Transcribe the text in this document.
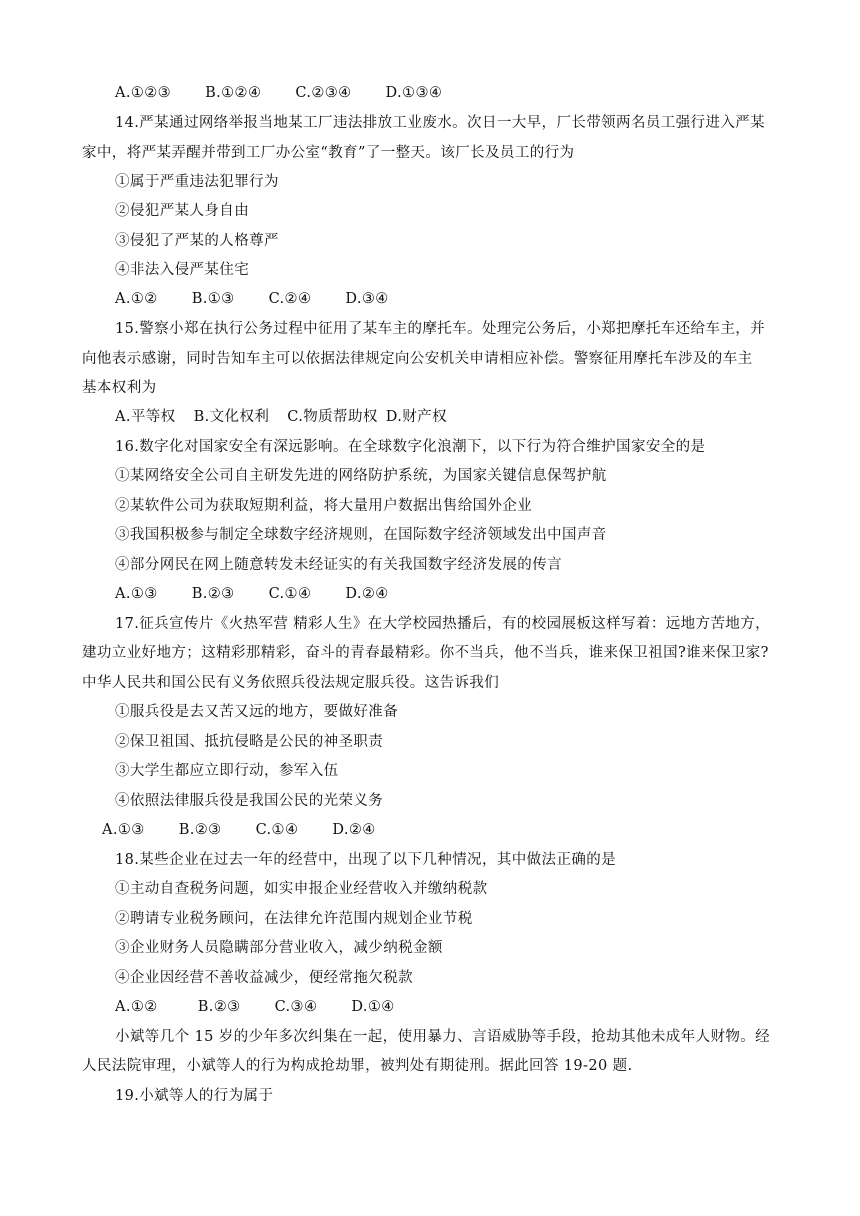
A.①②③ B.①②④ C.②③④ D.①③④
14.严某通过网络举报当地某工厂违法排放工业废水。次日一大早，厂长带领两名员工强行进入严某
家中，将严某弄醒并带到工厂办公室“教育”了一整天。该厂长及员工的行为
①属于严重违法犯罪行为
②侵犯严某人身自由
③侵犯了严某的人格尊严
④非法入侵严某住宅
A.①② B.①③ C.②④ D.③④
15.警察小郑在执行公务过程中征用了某车主的摩托车。处理完公务后，小郑把摩托车还给车主，并
向他表示感谢，同时告知车主可以依据法律规定向公安机关申请相应补偿。警察征用摩托车涉及的车主
基本权利为
A.平等权 B.文化权利 C.物质帮助权 D.财产权
16.数字化对国家安全有深远影响。在全球数字化浪潮下，以下行为符合维护国家安全的是
①某网络安全公司自主研发先进的网络防护系统，为国家关键信息保驾护航
②某软件公司为获取短期利益，将大量用户数据出售给国外企业
③我国积极参与制定全球数字经济规则，在国际数字经济领域发出中国声音
④部分网民在网上随意转发未经证实的有关我国数字经济发展的传言
A.①③ B.②③ C.①④ D.②④
17.征兵宣传片《火热军营 精彩人生》在大学校园热播后，有的校园展板这样写着：远地方苦地方，
建功立业好地方；这精彩那精彩，奋斗的青春最精彩。你不当兵，他不当兵，谁来保卫祖国?谁来保卫家?
中华人民共和国公民有义务依照兵役法规定服兵役。这告诉我们
①服兵役是去又苦又远的地方，要做好准备
②保卫祖国、抵抗侵略是公民的神圣职责
③大学生都应立即行动，参军入伍
④依照法律服兵役是我国公民的光荣义务
A.①③ B.②③ C.①④ D.②④
18.某些企业在过去一年的经营中，出现了以下几种情况，其中做法正确的是
①主动自查税务问题，如实申报企业经营收入并缴纳税款
②聘请专业税务顾问，在法律允许范围内规划企业节税
③企业财务人员隐瞒部分营业收入，减少纳税金额
④企业因经营不善收益减少，便经常拖欠税款
A.①②	B.②③ C.③④ D.①④
小斌等几个 15 岁的少年多次纠集在一起，使用暴力、言语威胁等手段，抢劫其他未成年人财物。经
人民法院审理，小斌等人的行为构成抢劫罪，被判处有期徒刑。据此回答 19-20 题.
19.小斌等人的行为属于
